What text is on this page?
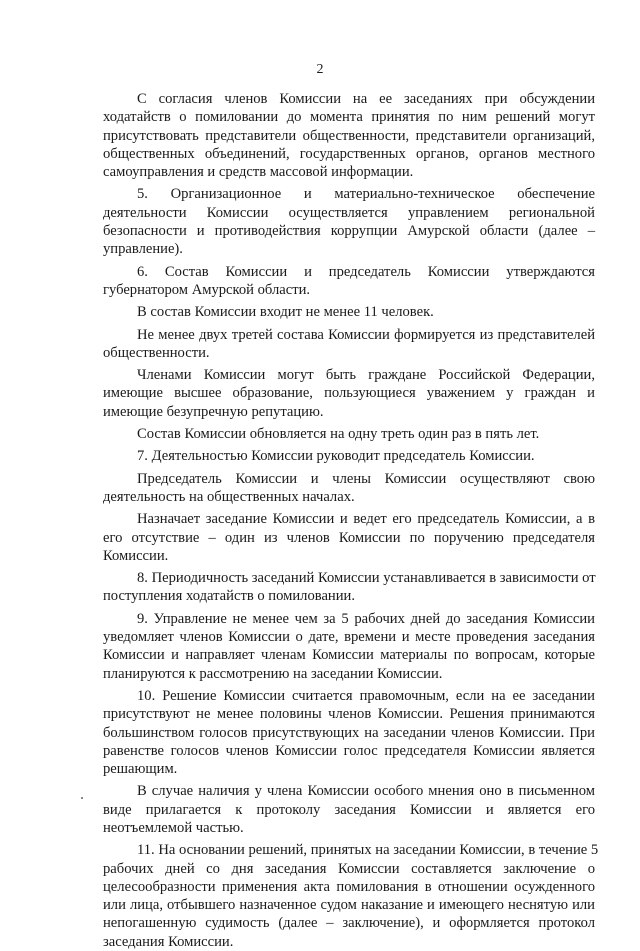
2

С согласия членов Комиссии на ее заседаниях при обсуждении
ходатайств о помиловании до момента принятия по ним решений могут
присутствовать представители общественности, представители организаций,
общественных объединений, государственных органов, органов местного
самоуправления и средств массовой информации.

5. Организационное и материально-техническое обеспечение
деятельности Комиссии осуществляется управлением региональной
безопасности и противодействия коррупции Амурской области (далее –
управление).

6. Состав Комиссии и председатель Комиссии утверждаются
губернатором Амурской области.

В состав Комиссии входит не менее 11 человек.

Не менее двух третей состава Комиссии формируется из представителей
общественности.

Членами Комиссии могут быть граждане Российской Федерации,
имеющие высшее образование, пользующиеся уважением у граждан и
имеющие безупречную репутацию.

Состав Комиссии обновляется на одну треть один раз в пять лет.

7. Деятельностью Комиссии руководит председатель Комиссии.

Председатель Комиссии и члены Комиссии осуществляют свою
деятельность на общественных началах.

Назначает заседание Комиссии и ведет его председатель Комиссии, а в
его отсутствие – один из членов Комиссии по поручению председателя
Комиссии.

8. Периодичность заседаний Комиссии устанавливается в зависимости от
поступления ходатайств о помиловании.

9. Управление не менее чем за 5 рабочих дней до заседания Комиссии
уведомляет членов Комиссии о дате, времени и месте проведения заседания
Комиссии и направляет членам Комиссии материалы по вопросам, которые
планируются к рассмотрению на заседании Комиссии.

10. Решение Комиссии считается правомочным, если на ее заседании
присутствуют не менее половины членов Комиссии. Решения принимаются
большинством голосов присутствующих на заседании членов Комиссии. При
равенстве голосов членов Комиссии голос председателя Комиссии является
решающим.

В случае наличия у члена Комиссии особого мнения оно в письменном
виде прилагается к протоколу заседания Комиссии и является его
неотъемлемой частью.

11. На основании решений, принятых на заседании Комиссии, в течение 5
рабочих дней со дня заседания Комиссии составляется заключение о
целесообразности применения акта помилования в отношении осужденного
или лица, отбывшего назначенное судом наказание и имеющего неснятую или
непогашенную судимость (далее – заключение), и оформляется протокол
заседания Комиссии.
